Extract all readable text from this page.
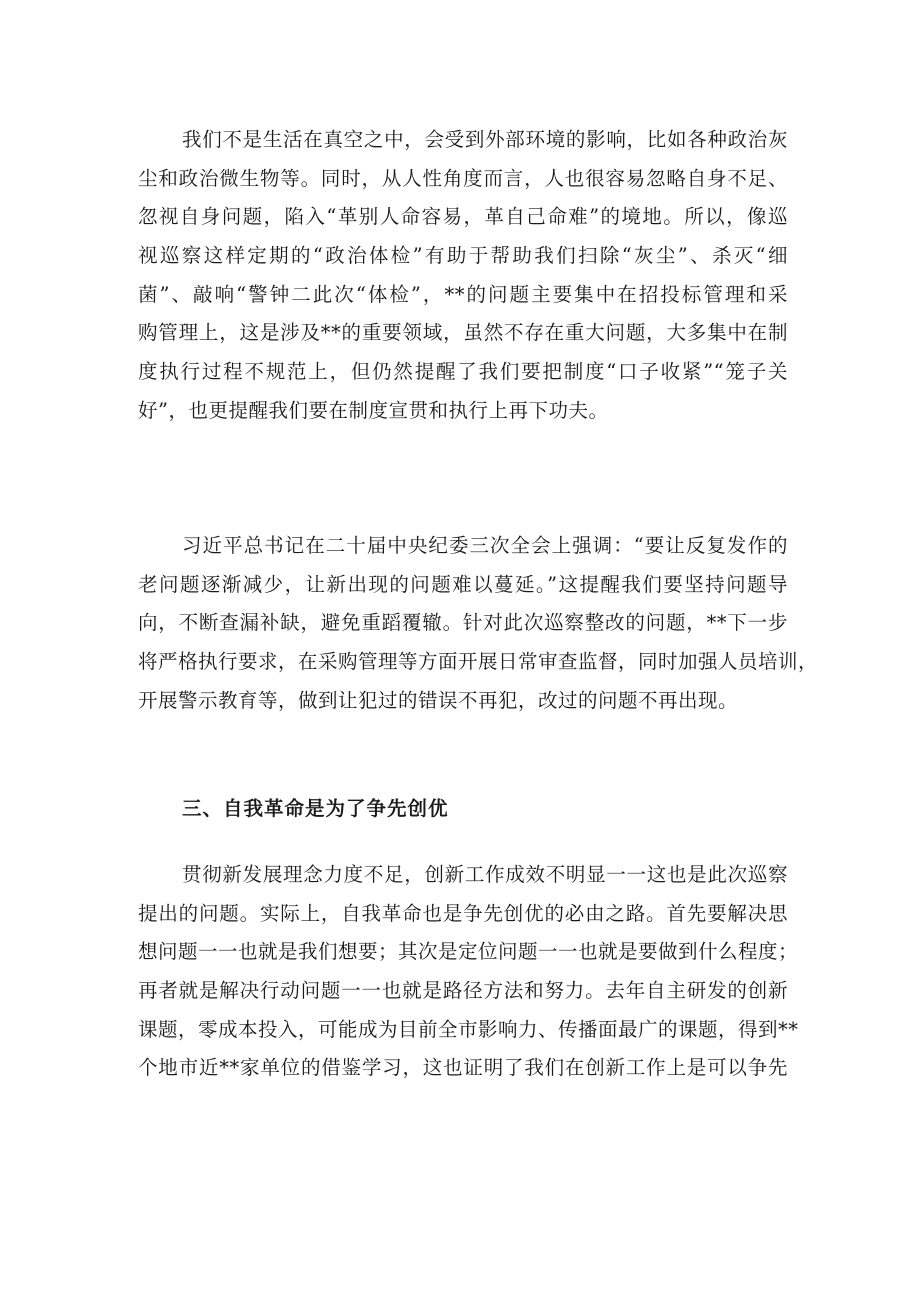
我们不是生活在真空之中，会受到外部环境的影响，比如各种政治灰
尘和政治微生物等。同时，从人性角度而言，人也很容易忽略自身不足、
忽视自身问题，陷入“革别人命容易，革自己命难”的境地。所以，像巡
视巡察这样定期的“政治体检”有助于帮助我们扫除“灰尘”、杀灭“细
菌”、敲响“警钟二此次“体检”，**的问题主要集中在招投标管理和采
购管理上，这是涉及**的重要领域，虽然不存在重大问题，大多集中在制
度执行过程不规范上，但仍然提醒了我们要把制度“口子收紧”“笼子关
好”，也更提醒我们要在制度宣贯和执行上再下功夫。
习近平总书记在二十届中央纪委三次全会上强调：“要让反复发作的
老问题逐渐减少，让新出现的问题难以蔓延。”这提醒我们要坚持问题导
向，不断查漏补缺，避免重蹈覆辙。针对此次巡察整改的问题，**下一步
将严格执行要求，在采购管理等方面开展日常审查监督，同时加强人员培训，
开展警示教育等，做到让犯过的错误不再犯，改过的问题不再出现。
三、自我革命是为了争先创优
贯彻新发展理念力度不足，创新工作成效不明显一一这也是此次巡察
提出的问题。实际上，自我革命也是争先创优的必由之路。首先要解决思
想问题一一也就是我们想要；其次是定位问题一一也就是要做到什么程度；
再者就是解决行动问题一一也就是路径方法和努力。去年自主研发的创新
课题，零成本投入，可能成为目前全市影响力、传播面最广的课题，得到**
个地市近**家单位的借鉴学习，这也证明了我们在创新工作上是可以争先
